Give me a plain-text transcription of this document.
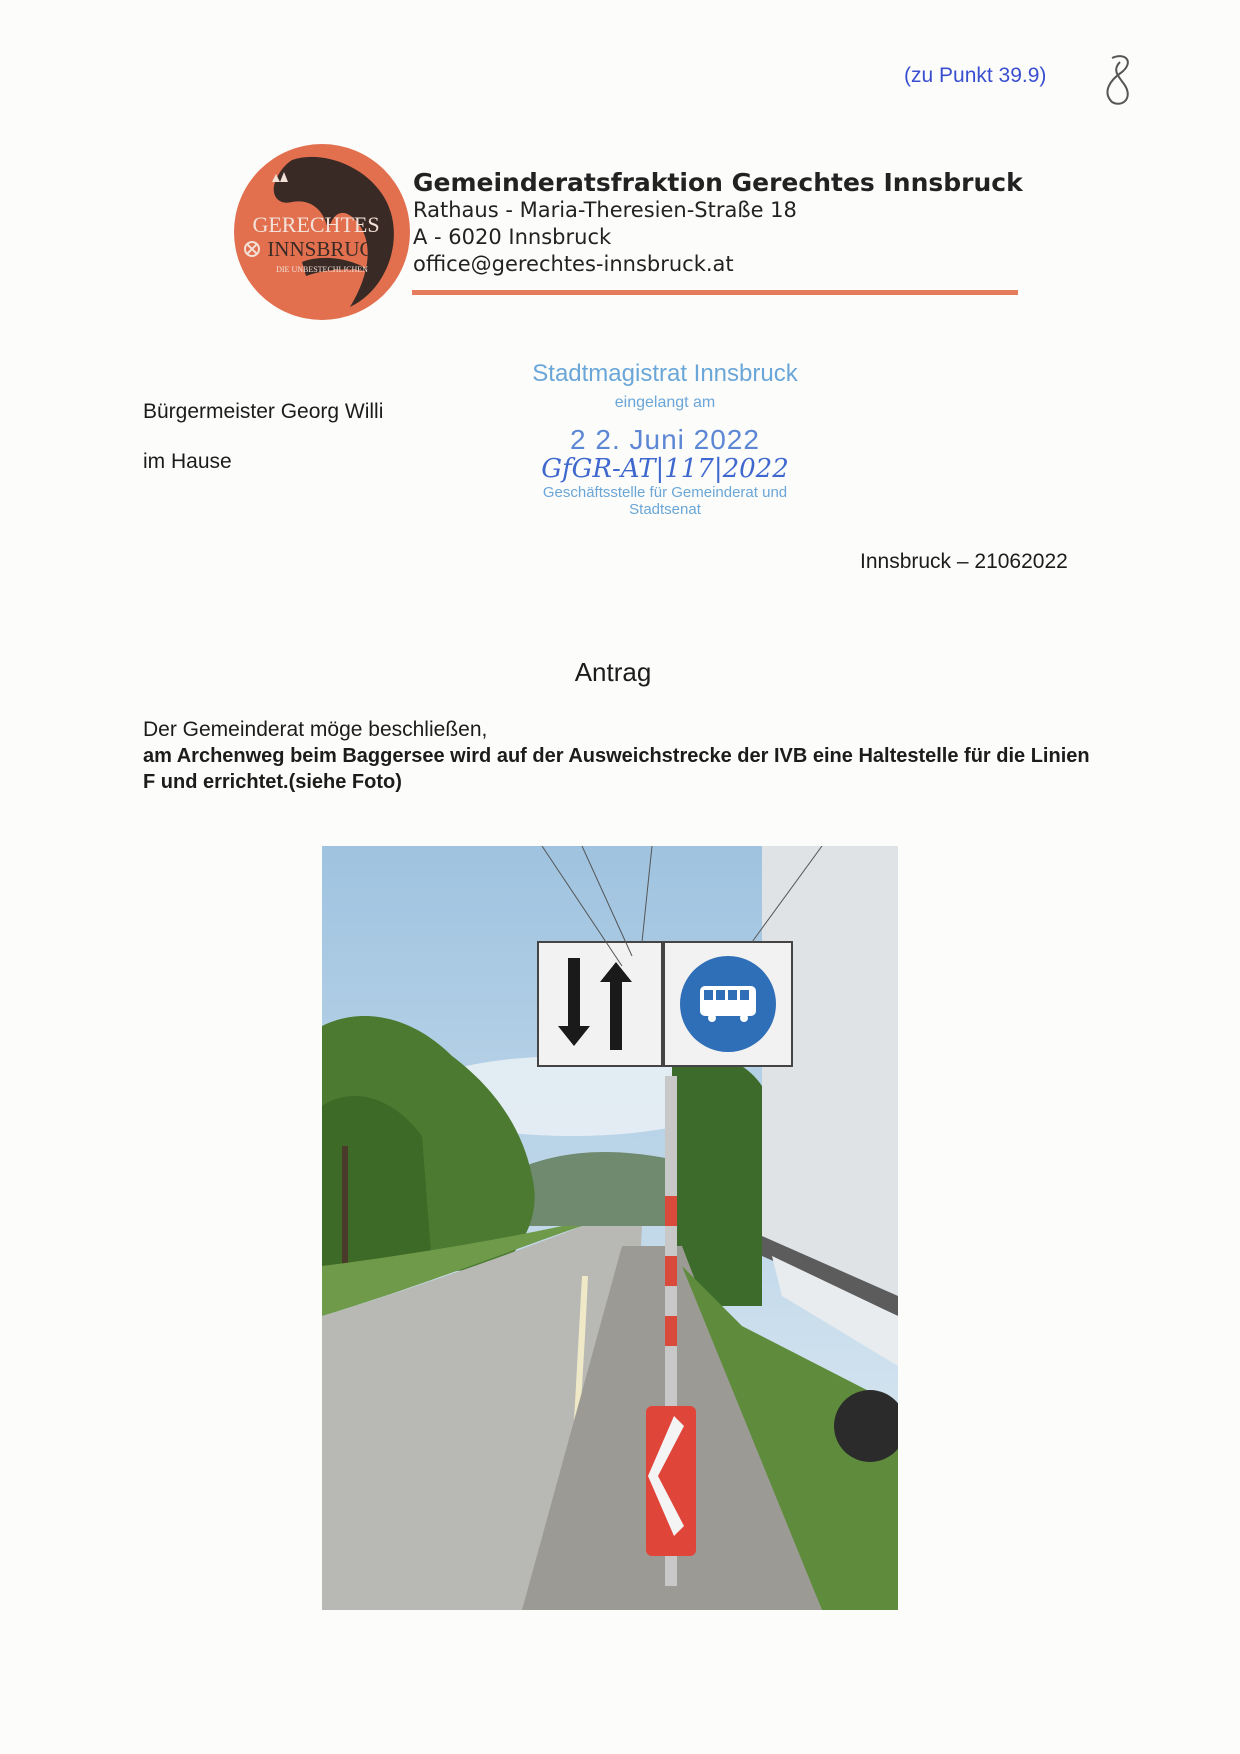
(zu Punkt 39.9)
GERECHTES
INNSBRUCK
DIE UNBESTECHLICHEN
Gemeinderatsfraktion Gerechtes Innsbruck
Rathaus - Maria-Theresien-Straße 18
A - 6020 Innsbruck
office@gerechtes-innsbruck.at
Stadtmagistrat Innsbruck
eingelangt am
2 2. Juni 2022
GfGR-AT|117|2022
Geschäftsstelle für Gemeinderat und Stadtsenat
Bürgermeister Georg Willi
im Hause
Innsbruck – 21062022
Antrag
Der Gemeinderat möge beschließen,
am Archenweg beim Baggersee wird auf der Ausweichstrecke der IVB eine Haltestelle für die Linien F und errichtet.(siehe Foto)
